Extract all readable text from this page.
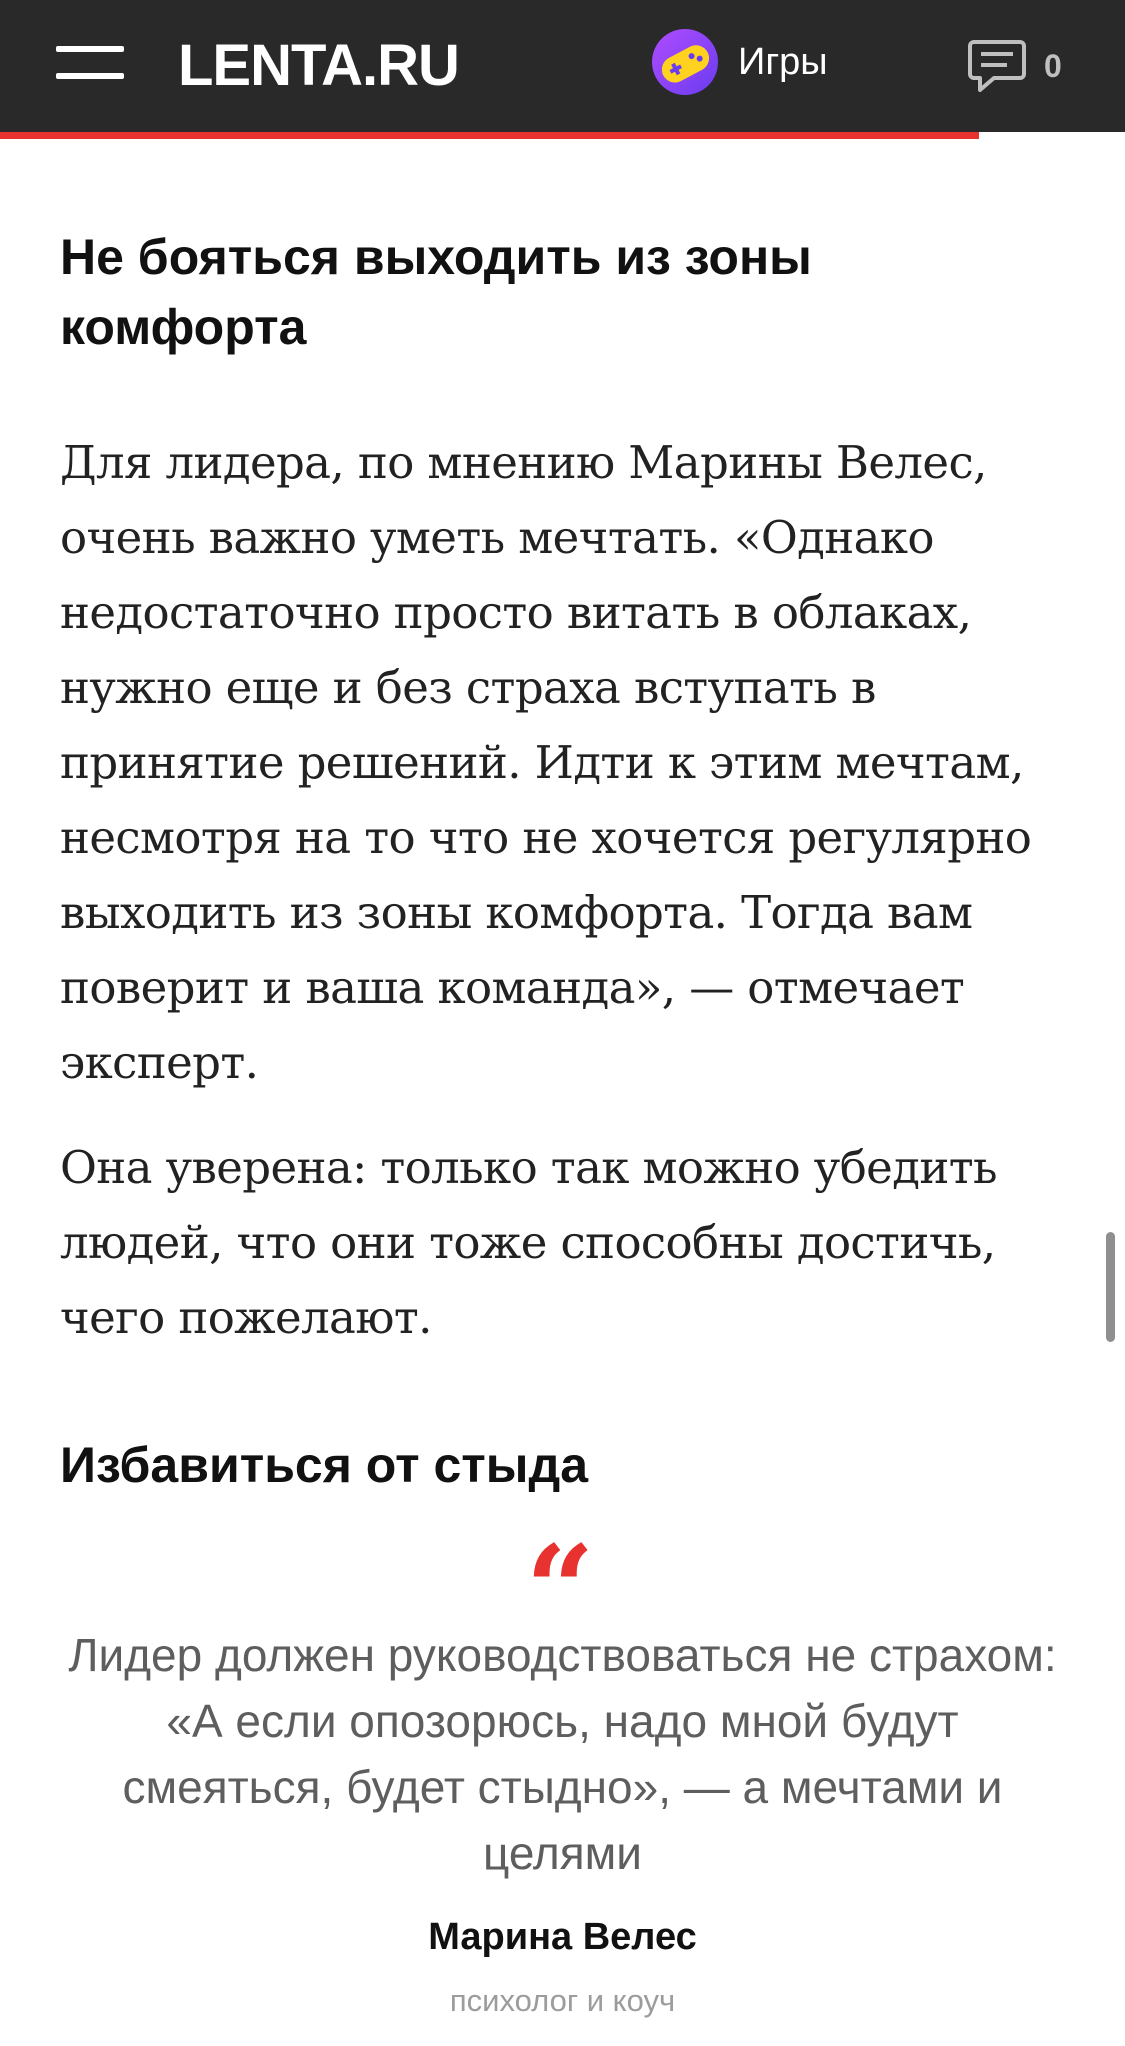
LENTA.RU	Игры	0
Не бояться выходить из зоны комфорта

Для лидера, по мнению Марины Велес, очень важно уметь мечтать. «Однако недостаточно просто витать в облаках, нужно еще и без страха вступать в принятие решений. Идти к этим мечтам, несмотря на то что не хочется регулярно выходить из зоны комфорта. Тогда вам поверит и ваша команда», — отмечает эксперт.

Она уверена: только так можно убедить людей, что они тоже способны достичь, чего пожелают.

Избавиться от стыда
“
Лидер должен руководствоваться не страхом: «А если опозорюсь, надо мной будут смеяться, будет стыдно», — а мечтами и целями
Марина Велес
психолог и коуч
